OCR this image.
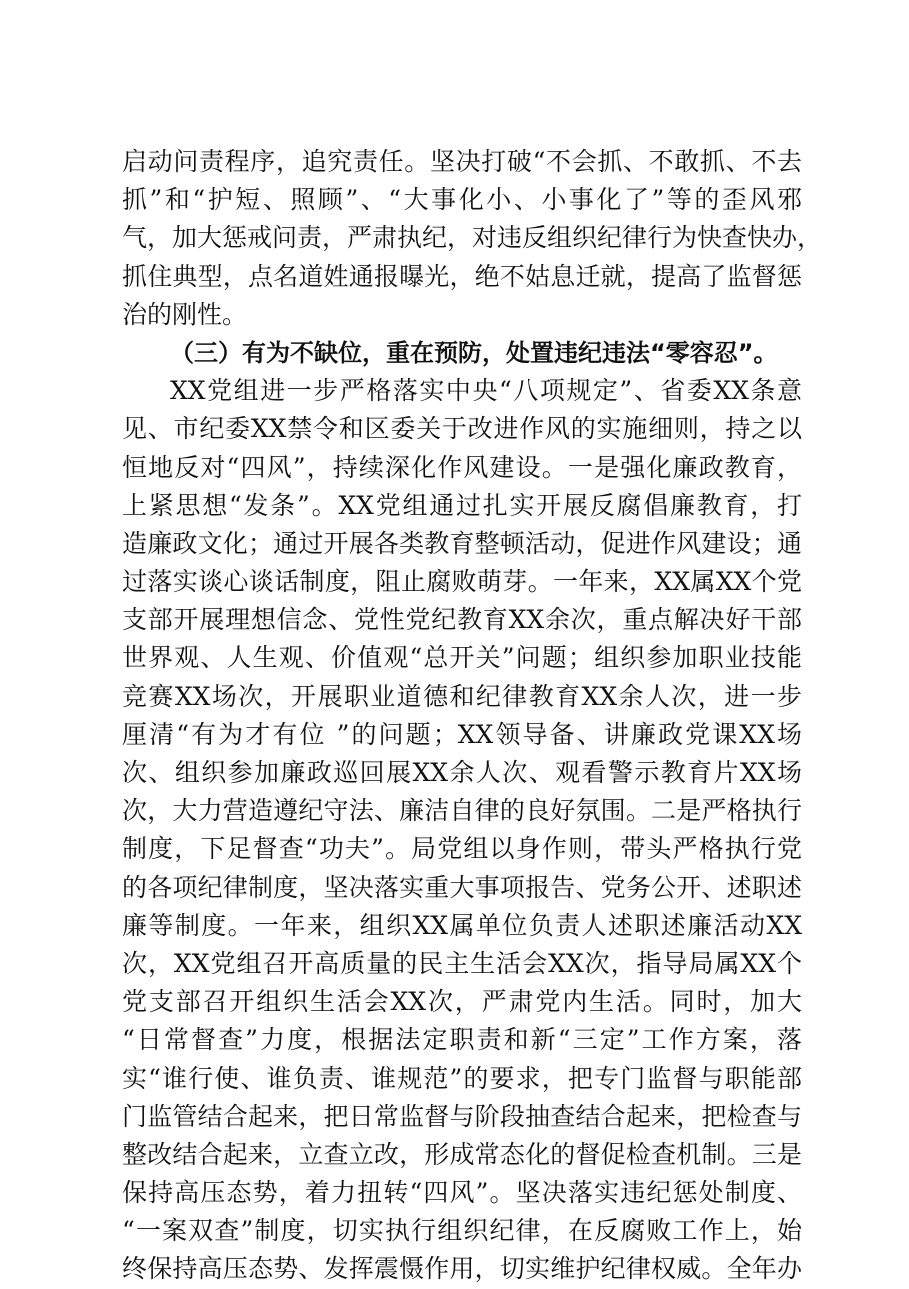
启动问责程序，追究责任。坚决打破“不会抓、不敢抓、不去
抓”和“护短、照顾”、“大事化小、小事化了”等的歪风邪
气，加大惩戒问责，严肃执纪，对违反组织纪律行为快查快办，
抓住典型，点名道姓通报曝光，绝不姑息迁就，提高了监督惩
治的刚性。
（三）有为不缺位，重在预防，处置违纪违法“零容忍”。
XX党组进一步严格落实中央“八项规定”、省委XX条意
见、市纪委XX禁令和区委关于改进作风的实施细则，持之以
恒地反对“四风”，持续深化作风建设。一是强化廉政教育，
上紧思想“发条”。XX党组通过扎实开展反腐倡廉教育，打
造廉政文化；通过开展各类教育整顿活动，促进作风建设；通
过落实谈心谈话制度，阻止腐败萌芽。一年来，XX属XX个党
支部开展理想信念、党性党纪教育XX余次，重点解决好干部
世界观、人生观、价值观“总开关”问题；组织参加职业技能
竞赛XX场次，开展职业道德和纪律教育XX余人次，进一步
厘清“有为才有位 ”的问题；XX领导备、讲廉政党课XX场
次、组织参加廉政巡回展XX余人次、观看警示教育片XX场
次，大力营造遵纪守法、廉洁自律的良好氛围。二是严格执行
制度，下足督查“功夫”。局党组以身作则，带头严格执行党
的各项纪律制度，坚决落实重大事项报告、党务公开、述职述
廉等制度。一年来，组织XX属单位负责人述职述廉活动XX
次，XX党组召开高质量的民主生活会XX次，指导局属XX个
党支部召开组织生活会XX次，严肃党内生活。同时，加大
“日常督查”力度，根据法定职责和新“三定”工作方案，落
实“谁行使、谁负责、谁规范”的要求，把专门监督与职能部
门监管结合起来，把日常监督与阶段抽查结合起来，把检查与
整改结合起来，立查立改，形成常态化的督促检查机制。三是
保持高压态势，着力扭转“四风”。坚决落实违纪惩处制度、
“一案双查”制度，切实执行组织纪律，在反腐败工作上，始
终保持高压态势、发挥震慑作用，切实维护纪律权威。全年办
